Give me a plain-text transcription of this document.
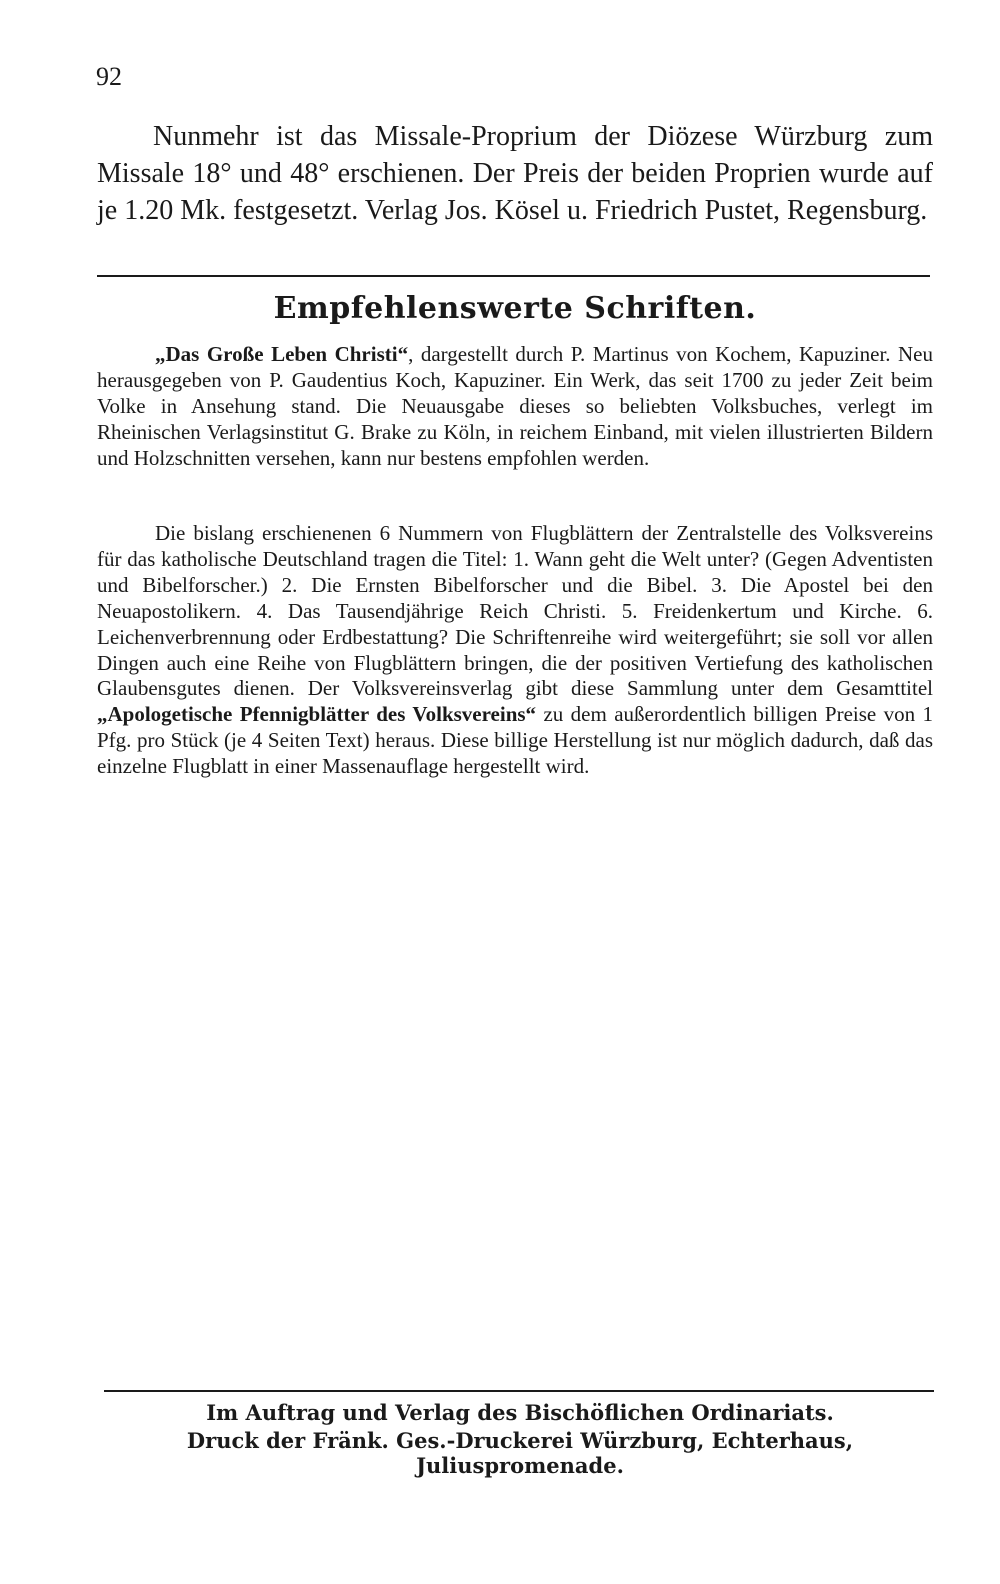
92

Nunmehr ist das Missale-Proprium der Diözese Würzburg zum Missale 18° und 48° erschienen. Der Preis der beiden Proprien wurde auf je 1.20 Mk. festgesetzt. Verlag Jos. Kösel u. Friedrich Pustet, Regensburg.

Empfehlenswerte Schriften.

„Das Große Leben Christi“, dargestellt durch P. Martinus von Kochem, Kapuziner. Neu herausgegeben von P. Gaudentius Koch, Kapuziner. Ein Werk, das seit 1700 zu jeder Zeit beim Volke in Ansehung stand. Die Neuausgabe dieses so beliebten Volksbuches, verlegt im Rheinischen Verlagsinstitut G. Brake zu Köln, in reichem Einband, mit vielen illustrierten Bildern und Holzschnitten versehen, kann nur bestens empfohlen werden.

Die bislang erschienenen 6 Nummern von Flugblättern der Zentralstelle des Volksvereins für das katholische Deutschland tragen die Titel: 1. Wann geht die Welt unter? (Gegen Adventisten und Bibelforscher.) 2. Die Ernsten Bibelforscher und die Bibel. 3. Die Apostel bei den Neuapostolikern. 4. Das Tausendjährige Reich Christi. 5. Freidenkertum und Kirche. 6. Leichenverbrennung oder Erdbestattung? Die Schriftenreihe wird weitergeführt; sie soll vor allen Dingen auch eine Reihe von Flugblättern bringen, die der positiven Vertiefung des katholischen Glaubensgutes dienen. Der Volksvereinsverlag gibt diese Sammlung unter dem Gesamttitel „Apologetische Pfennigblätter des Volksvereins“ zu dem außerordentlich billigen Preise von 1 Pfg. pro Stück (je 4 Seiten Text) heraus. Diese billige Herstellung ist nur möglich dadurch, daß das einzelne Flugblatt in einer Massenauflage hergestellt wird.

Im Auftrag und Verlag des Bischöflichen Ordinariats.
Druck der Fränk. Ges.-Druckerei Würzburg, Echterhaus, Juliuspromenade.
